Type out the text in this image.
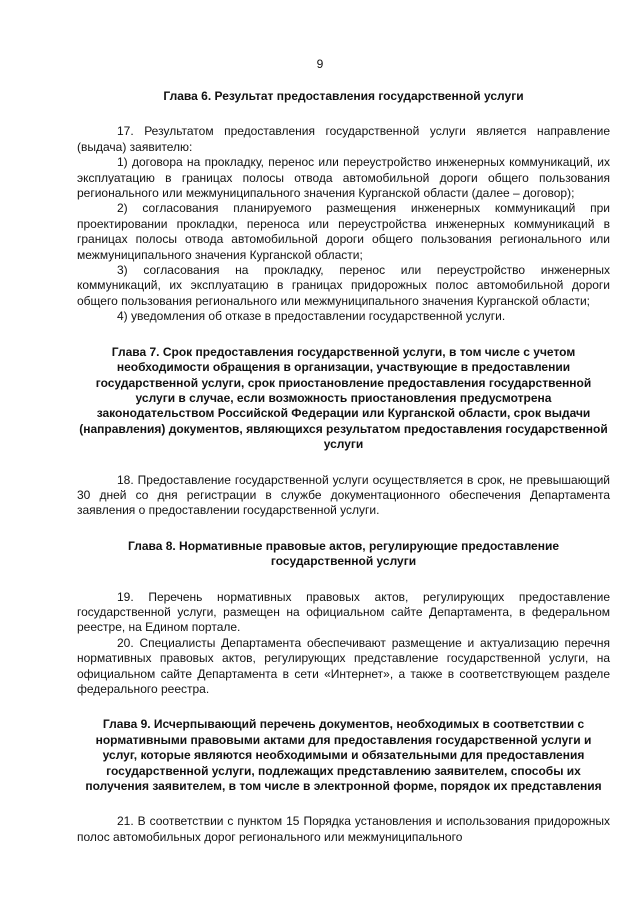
9
Глава 6. Результат предоставления государственной услуги

17. Результатом предоставления государственной услуги является направление (выдача) заявителю:

1) договора на прокладку, перенос или переустройство инженерных коммуникаций, их эксплуатацию в границах полосы отвода автомобильной дороги общего пользования регионального или межмуниципального значения Курганской области (далее – договор);

2) согласования планируемого размещения инженерных коммуникаций при проектировании прокладки, переноса или переустройства инженерных коммуникаций в границах полосы отвода автомобильной дороги общего пользования регионального или межмуниципального значения Курганской области;

3) согласования на прокладку, перенос или переустройство инженерных коммуникаций, их эксплуатацию в границах придорожных полос автомобильной дороги общего пользования регионального или межмуниципального значения Курганской области;

4) уведомления об отказе в предоставлении государственной услуги.

Глава 7. Срок предоставления государственной услуги, в том числе с учетом необходимости обращения в организации, участвующие в предоставлении государственной услуги, срок приостановление предоставления государственной услуги в случае, если возможность приостановления предусмотрена законодательством Российской Федерации или Курганской области, срок выдачи (направления) документов, являющихся результатом предоставления государственной услуги

18. Предоставление государственной услуги осуществляется в срок, не превышающий 30 дней со дня регистрации в службе документационного обеспечения Департамента заявления о предоставлении государственной услуги.

Глава 8. Нормативные правовые актов, регулирующие предоставление государственной услуги

19. Перечень нормативных правовых актов, регулирующих предоставление государственной услуги, размещен на официальном сайте Департамента, в федеральном реестре, на Едином портале.

20. Специалисты Департамента обеспечивают размещение и актуализацию перечня нормативных правовых актов, регулирующих представление государственной услуги, на официальном сайте Департамента в сети «Интернет», а также в соответствующем разделе федерального реестра.

Глава 9. Исчерпывающий перечень документов, необходимых в соответствии с нормативными правовыми актами для предоставления государственной услуги и услуг, которые являются необходимыми и обязательными для предоставления государственной услуги, подлежащих представлению заявителем, способы их получения заявителем, в том числе в электронной форме, порядок их представления

21. В соответствии с пунктом 15 Порядка установления и использования придорожных полос автомобильных дорог регионального или межмуниципального
